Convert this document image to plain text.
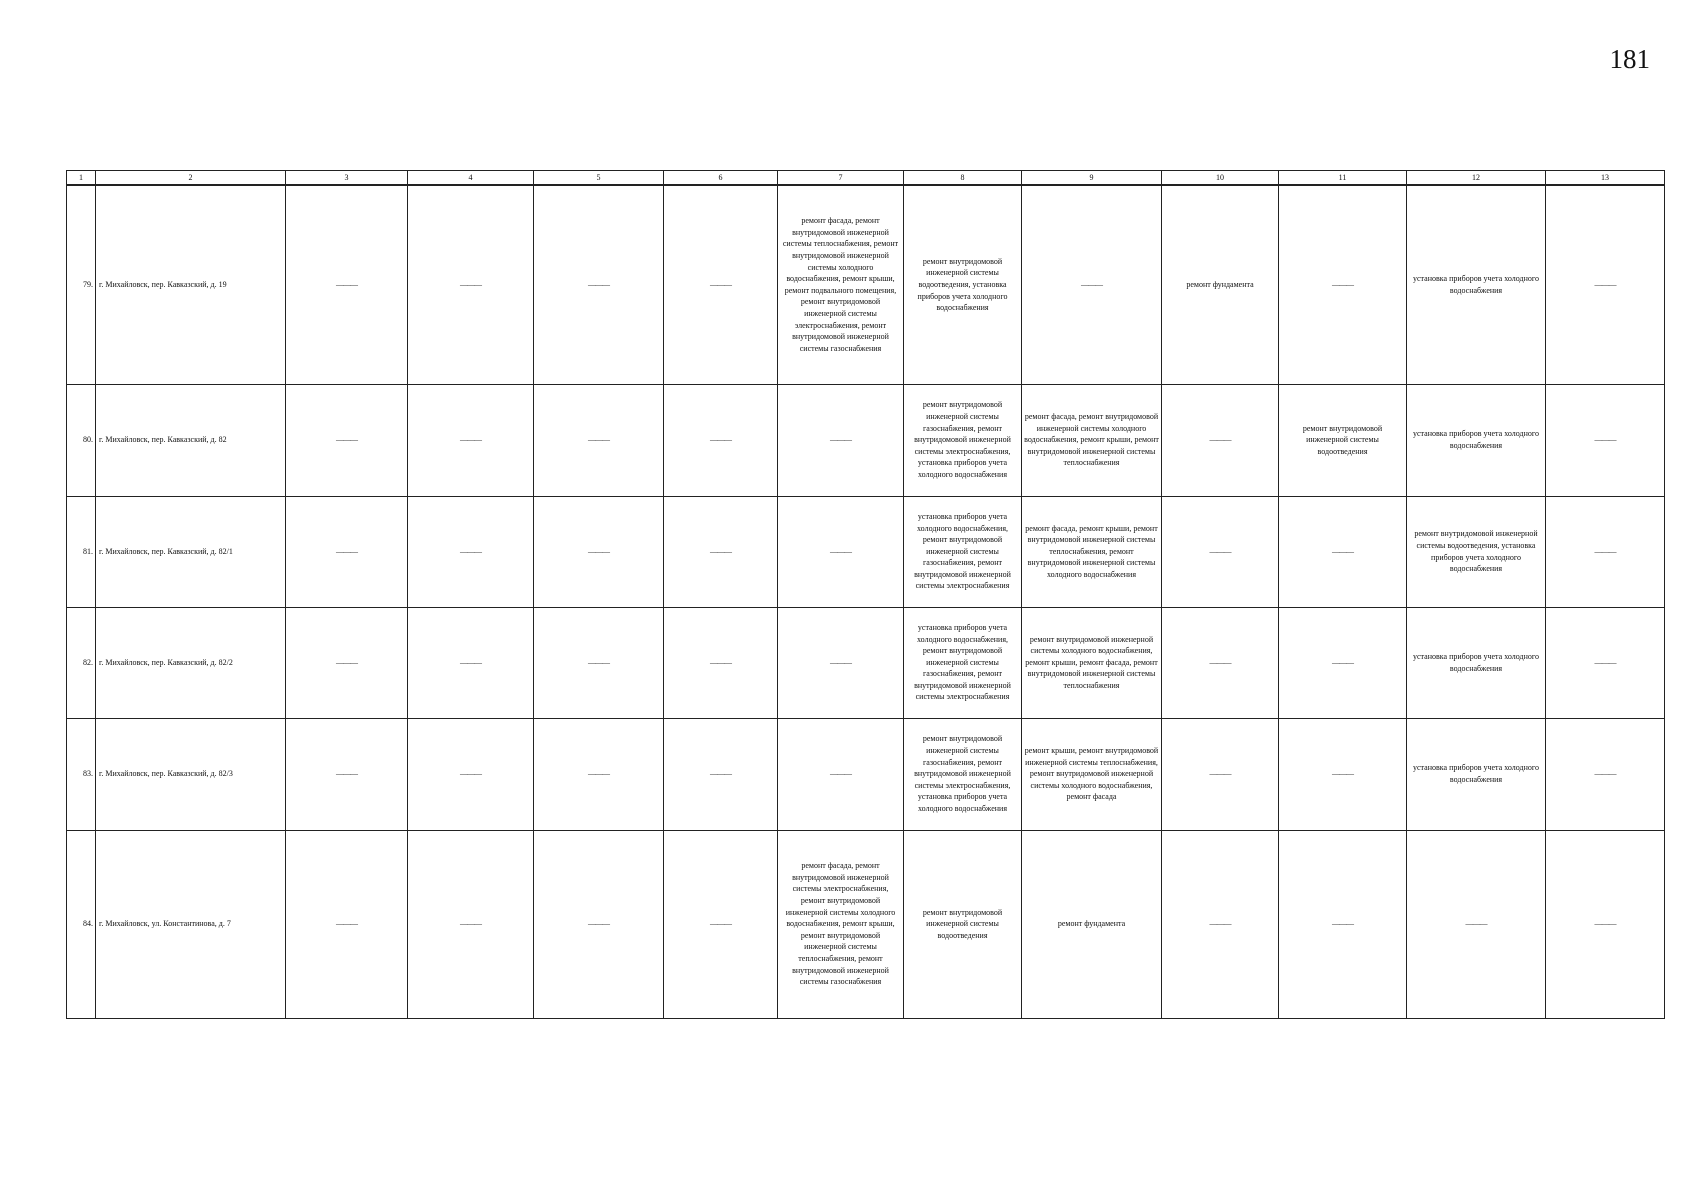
181
1	2	3	4	5	6	7	8	9	10	11	12	13
79.	г. Михайловск, пер. Кавказский, д. 19	———	———	———	———	ремонт фасада, ремонт внутридомовой инженерной системы теплоснабжения, ремонт внутридомовой инженерной системы холодного водоснабжения, ремонт крыши, ремонт подвального помещения, ремонт внутридомовой инженерной системы электроснабжения, ремонт внутридомовой инженерной системы газоснабжения	ремонт внутридомовой инженерной системы водоотведения, установка приборов учета холодного водоснабжения	———	ремонт фундамента	———	установка приборов учета холодного водоснабжения	———
80.	г. Михайловск, пер. Кавказский, д. 82	———	———	———	———	———	ремонт внутридомовой инженерной системы газоснабжения, ремонт внутридомовой инженерной системы электроснабжения, установка приборов учета холодного водоснабжения	ремонт фасада, ремонт внутридомовой инженерной системы холодного водоснабжения, ремонт крыши, ремонт внутридомовой инженерной системы теплоснабжения	———	ремонт внутридомовой инженерной системы водоотведения	установка приборов учета холодного водоснабжения	———
81.	г. Михайловск, пер. Кавказский, д. 82/1	———	———	———	———	———	установка приборов учета холодного водоснабжения, ремонт внутридомовой инженерной системы газоснабжения, ремонт внутридомовой инженерной системы электроснабжения	ремонт фасада, ремонт крыши, ремонт внутридомовой инженерной системы теплоснабжения, ремонт внутридомовой инженерной системы холодного водоснабжения	———	———	ремонт внутридомовой инженерной системы водоотведения, установка приборов учета холодного водоснабжения	———
82.	г. Михайловск, пер. Кавказский, д. 82/2	———	———	———	———	———	установка приборов учета холодного водоснабжения, ремонт внутридомовой инженерной системы газоснабжения, ремонт внутридомовой инженерной системы электроснабжения	ремонт внутридомовой инженерной системы холодного водоснабжения, ремонт крыши, ремонт фасада, ремонт внутридомовой инженерной системы теплоснабжения	———	———	установка приборов учета холодного водоснабжения	———
83.	г. Михайловск, пер. Кавказский, д. 82/3	———	———	———	———	———	ремонт внутридомовой инженерной системы газоснабжения, ремонт внутридомовой инженерной системы электроснабжения, установка приборов учета холодного водоснабжения	ремонт крыши, ремонт внутридомовой инженерной системы теплоснабжения, ремонт внутридомовой инженерной системы холодного водоснабжения, ремонт фасада	———	———	установка приборов учета холодного водоснабжения	———
84.	г. Михайловск, ул. Константинова, д. 7	———	———	———	———	ремонт фасада, ремонт внутридомовой инженерной системы электроснабжения, ремонт внутридомовой инженерной системы холодного водоснабжения, ремонт крыши, ремонт внутридомовой инженерной системы теплоснабжения, ремонт внутридомовой инженерной системы газоснабжения	ремонт внутридомовой инженерной системы водоотведения	ремонт фундамента	———	———	———	———
